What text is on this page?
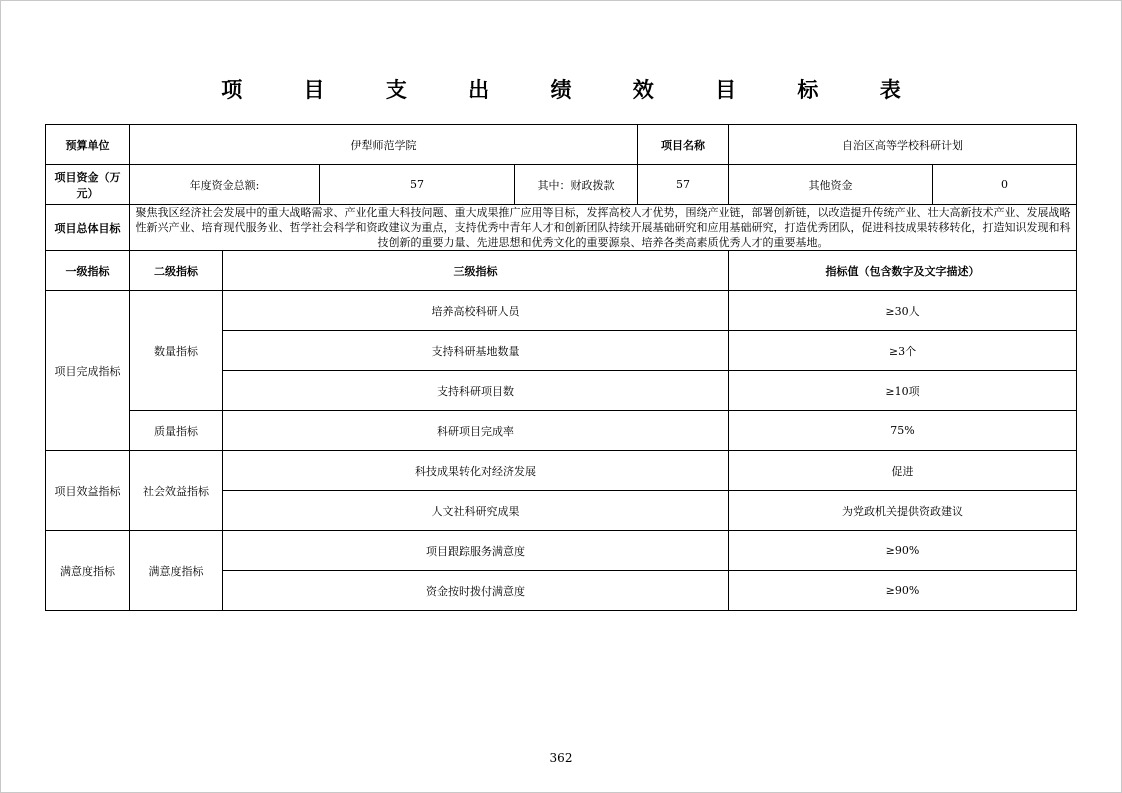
项 目 支 出 绩 效 目 标 表
预算单位	伊犁师范学院				项目名称	自治区高等学校科研计划	
项目资金（万元）	年度资金总额:		57	其中：财政拨款	57	其他资金	0
项目总体目标	聚焦我区经济社会发展中的重大战略需求、产业化重大科技问题、重大成果推广应用等目标，发挥高校人才优势，围绕产业链，部署创新链，以改造提升传统产业、壮大高新技术产业、发展战略性新兴产业、培育现代服务业、哲学社会科学和资政建议为重点，支持优秀中青年人才和创新团队持续开展基础研究和应用基础研究，打造优秀团队，促进科技成果转移转化，打造知识发现和科技创新的重要力量、先进思想和优秀文化的重要源泉、培养各类高素质优秀人才的重要基地。						
一级指标	二级指标	三级指标				指标值（包含数字及文字描述）	
项目完成指标	数量指标	培养高校科研人员				≥30人	
		支持科研基地数量				≥3个	
		支持科研项目数				≥10项	
	质量指标	科研项目完成率				75%	
项目效益指标	社会效益指标	科技成果转化对经济发展				促进	
		人文社科研究成果				为党政机关提供资政建议	
满意度指标	满意度指标	项目跟踪服务满意度				≥90%	
		资金按时拨付满意度				≥90%	
362
